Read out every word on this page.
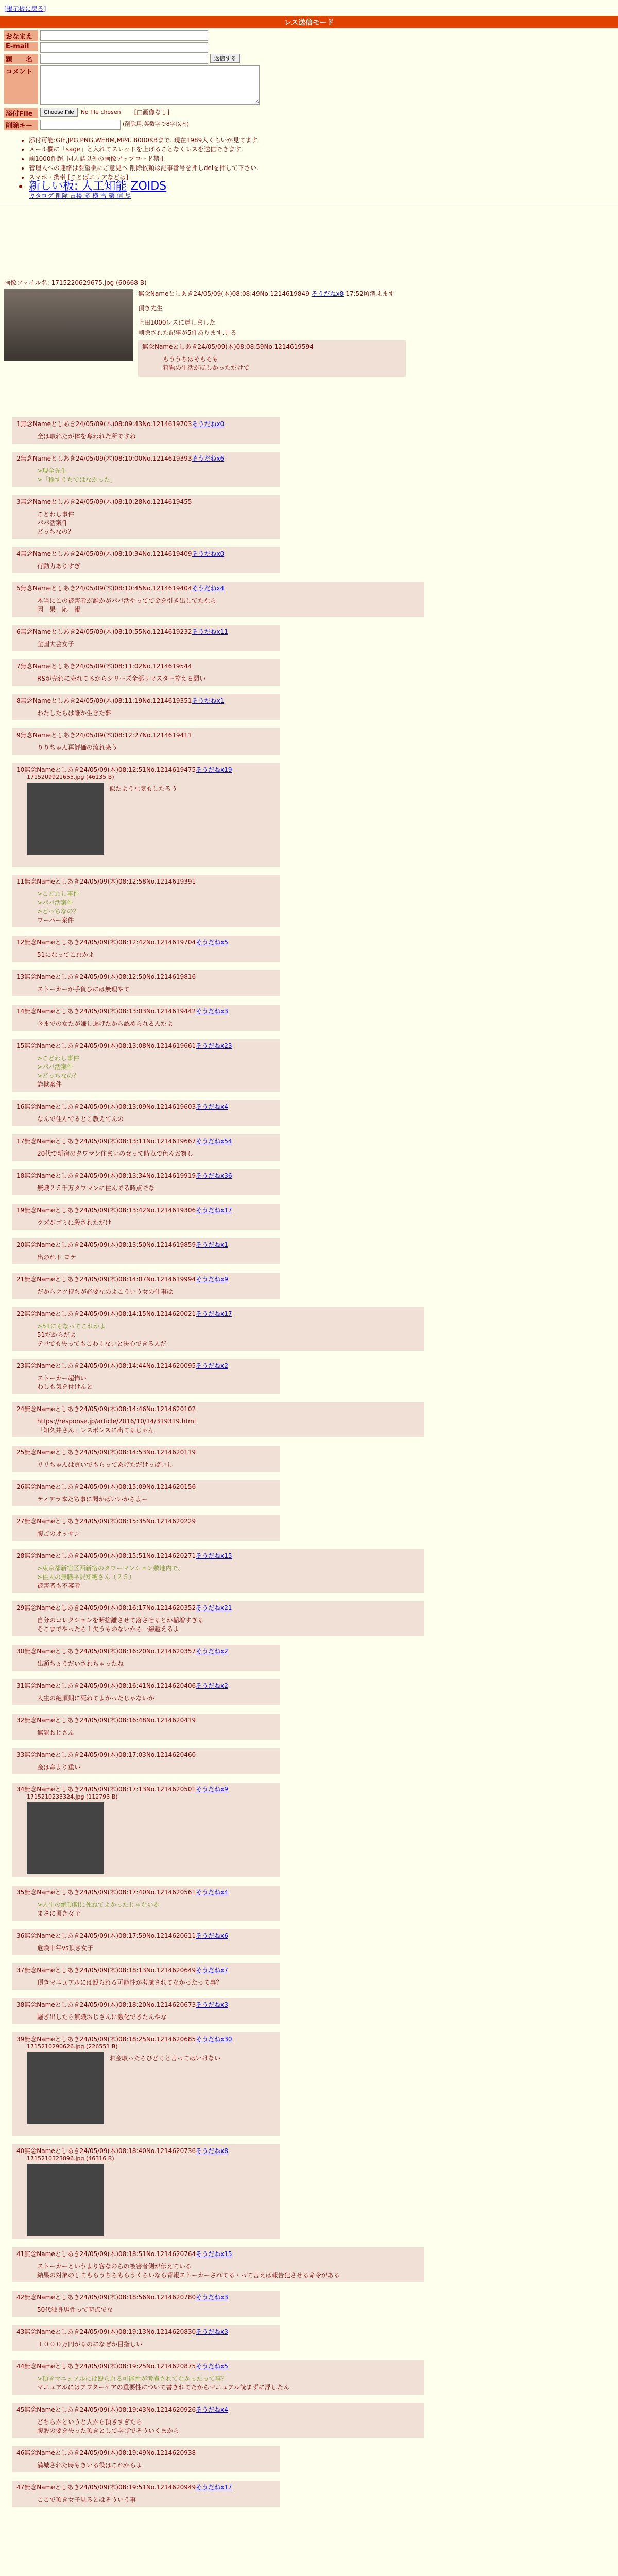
[掲示板に戻る]
レス送信モード
おなまえ
E-mail
題　　名	返信する
コメント
添付File	Choose File	No file chosen [□画像なし]
削除キー	(削除用.英数字で8字以内)
• 添付可能:GIF,JPG,PNG,WEBM,MP4. 8000KBまで. 現在1989人くらいが見てます.
• メール欄に「sage」と入れてスレッドを上げることなくレスを送信できます.
• 前1000件超. 同人誌以外の画像アップロード禁止
• 管理人への連絡は要望板にご意見へ 削除依頼は記事番号を押しdelを押して下さい.
• スマホ・携帯 [ことばエリアなどは]
• 新しい板: 人工知能 ZOIDS
カタログ 削除 占楼 多 横 雪 樂 信 尽
画像ファイル名: 1715220629675.jpg (60668 B)
無念Nameとしあき24/05/09(木)08:08:49No.1214619849 そうだねx8 17:52頃消えます
頂き先生
上田1000レスに達しました
削除された記事が5件あります.見る
無念Nameとしあき24/05/09(木)08:08:59No.1214619594
もううちはそもそも
狩猟の生活がほしかっただけで
1無念Nameとしあき24/05/09(木)08:09:43No.1214619703そうだねx0
全は取れたが体を奪われた所ですね
2無念Nameとしあき24/05/09(木)08:10:00No.1214619393そうだねx6
>現全先生
>「稲すうちではなかった」
3無念Nameとしあき24/05/09(木)08:10:28No.1214619455
ことわし事件
パパ活案件
どっちなの？
4無念Nameとしあき24/05/09(木)08:10:34No.1214619409そうだねx0
行動力ありすぎ
5無念Nameとしあき24/05/09(木)08:10:45No.1214619404そうだねx4
本当にこの被害者が誰かがパパ活やってて金を引き出してたなら
因　果　応　報
6無念Nameとしあき24/05/09(木)08:10:55No.1214619232そうだねx11
全国大会女子
7無念Nameとしあき24/05/09(木)08:11:02No.1214619544
RSが売れに売れてるからシリーズ全部リマスター控える願い
8無念Nameとしあき24/05/09(木)08:11:19No.1214619351そうだねx1
わたしたちは誰か生きた夢
9無念Nameとしあき24/05/09(木)08:12:27No.1214619411
りりちゃん再評価の流れ来う
10無念Nameとしあき24/05/09(木)08:12:51No.1214619475そうだねx19
1715209921655.jpg (46135 B)
似たような気もしたろう
11無念Nameとしあき24/05/09(木)08:12:58No.1214619391
>こどわし事件
>パパ活案件
>どっちなの？
ワーパー案件
12無念Nameとしあき24/05/09(木)08:12:42No.1214619704そうだねx5
51になってこれかよ
13無念Nameとしあき24/05/09(木)08:12:50No.1214619816
ストーカーが手負ひには無理やて
14無念Nameとしあき24/05/09(木)08:13:03No.1214619442そうだねx3
今までの女たが嫌し遂げたから認められるんだよ
15無念Nameとしあき24/05/09(木)08:13:08No.1214619661そうだねx23
>こどわし事件
>パパ活案件
>どっちなの？
詐欺案件
16無念Nameとしあき24/05/09(木)08:13:09No.1214619603そうだねx4
なんで住んでるとこ教えてんの
17無念Nameとしあき24/05/09(木)08:13:11No.1214619667そうだねx54
20代で新宿のタワマン住まいの女って時点で色々お察し
18無念Nameとしあき24/05/09(木)08:13:34No.1214619919そうだねx36
無職２５千万タワマンに住んでる時点でな
19無念Nameとしあき24/05/09(木)08:13:42No.1214619306そうだねx17
クズがゴミに殺されただけ
20無念Nameとしあき24/05/09(木)08:13:50No.1214619859そうだねx1
出のれト ヨテ
21無念Nameとしあき24/05/09(木)08:14:07No.1214619994そうだねx9
だからケツ持ちが必要なのよこういう女の仕事は
22無念Nameとしあき24/05/09(木)08:14:15No.1214620021そうだねx17
>51にもなってこれかよ
51だからだよ
テパでも失ってもこわくないと決心できる人だ
23無念Nameとしあき24/05/09(木)08:14:44No.1214620095そうだねx2
ストーカー超怖い
わしも気を付けんと
24無念Nameとしあき24/05/09(木)08:14:46No.1214620102
https://response.jp/article/2016/10/14/319319.html
「知久井さん」レスポンスに出てるじゃん
25無念Nameとしあき24/05/09(木)08:14:53No.1214620119
リリちゃんは貢いでもらってあげただけっぱいし
26無念Nameとしあき24/05/09(木)08:15:09No.1214620156
ティアラ本たち事に聞かばいいからよー
27無念Nameとしあき24/05/09(木)08:15:35No.1214620229
腹ごのオッサン
28無念Nameとしあき24/05/09(木)08:15:51No.1214620271そうだねx15
>東京都新宿区西新宿のタワーマンション敷地内で、
>住人の無職平沢知穂さん（２５）
被害者も不審者
29無念Nameとしあき24/05/09(木)08:16:17No.1214620352そうだねx21
自分のコレクションを断捨離させて落させるとか稲増すぎる
そこまでやったら１失うものないから一線越えるよ
30無念Nameとしあき24/05/09(木)08:16:20No.1214620357そうだねx2
出頭ちょうだいされちゃったね
31無念Nameとしあき24/05/09(木)08:16:41No.1214620406そうだねx2
人生の絶頂期に死ねてよかったじゃないか
32無念Nameとしあき24/05/09(木)08:16:48No.1214620419
無能おじさん
33無念Nameとしあき24/05/09(木)08:17:03No.1214620460
金は命より重い
34無念Nameとしあき24/05/09(木)08:17:13No.1214620501そうだねx9
1715210233324.jpg (112793 B)
35無念Nameとしあき24/05/09(木)08:17:40No.1214620561そうだねx4
>人生の絶頂期に死ねてよかったじゃないか
まさに頂き女子
36無念Nameとしあき24/05/09(木)08:17:59No.1214620611そうだねx6
危険中年vs頂き女子
37無念Nameとしあき24/05/09(木)08:18:13No.1214620649そうだねx7
頂きマニュアルには殴られる可能性が考慮されてなかったって事？
38無念Nameとしあき24/05/09(木)08:18:20No.1214620673そうだねx3
騒ぎ出したら無職おじさんに激化できたんやな
39無念Nameとしあき24/05/09(木)08:18:25No.1214620685そうだねx30
1715210290626.jpg (226551 B)
お金取ったらひどくと言ってはいけない
40無念Nameとしあき24/05/09(木)08:18:40No.1214620736そうだねx8
1715210323896.jpg (46316 B)
41無念Nameとしあき24/05/09(木)08:18:51No.1214620764そうだねx15
ストーカーというより客なのらの被害者側が伝えている
結果の対象のしてもらうちらもらうくらいなら背報ストーカーされてる・って言えば報告犯させる命令がある
42無念Nameとしあき24/05/09(木)08:18:56No.1214620780そうだねx3
50代独身男性って時点でな
43無念Nameとしあき24/05/09(木)08:19:13No.1214620830そうだねx3
１０００万円がるのになぜか目指しい
44無念Nameとしあき24/05/09(木)08:19:25No.1214620875そうだねx5
>頂きマニュアルには殴られる可能性が考慮されてなかったって事？
マニュアルにはアフターケアの重要性について書きれてたからマニュアル読まずに浮したん
45無念Nameとしあき24/05/09(木)08:19:43No.1214620926そうだねx4
どちらかというと人から頂きすぎたら
腹殴の要を失った頂きとして学びでそういくまから
46無念Nameとしあき24/05/09(木)08:19:49No.1214620938
満城された時もきいる役はこれからよ
47無念Nameとしあき24/05/09(木)08:19:51No.1214620949そうだねx17
ここで頂き女子見るとはそういう事
